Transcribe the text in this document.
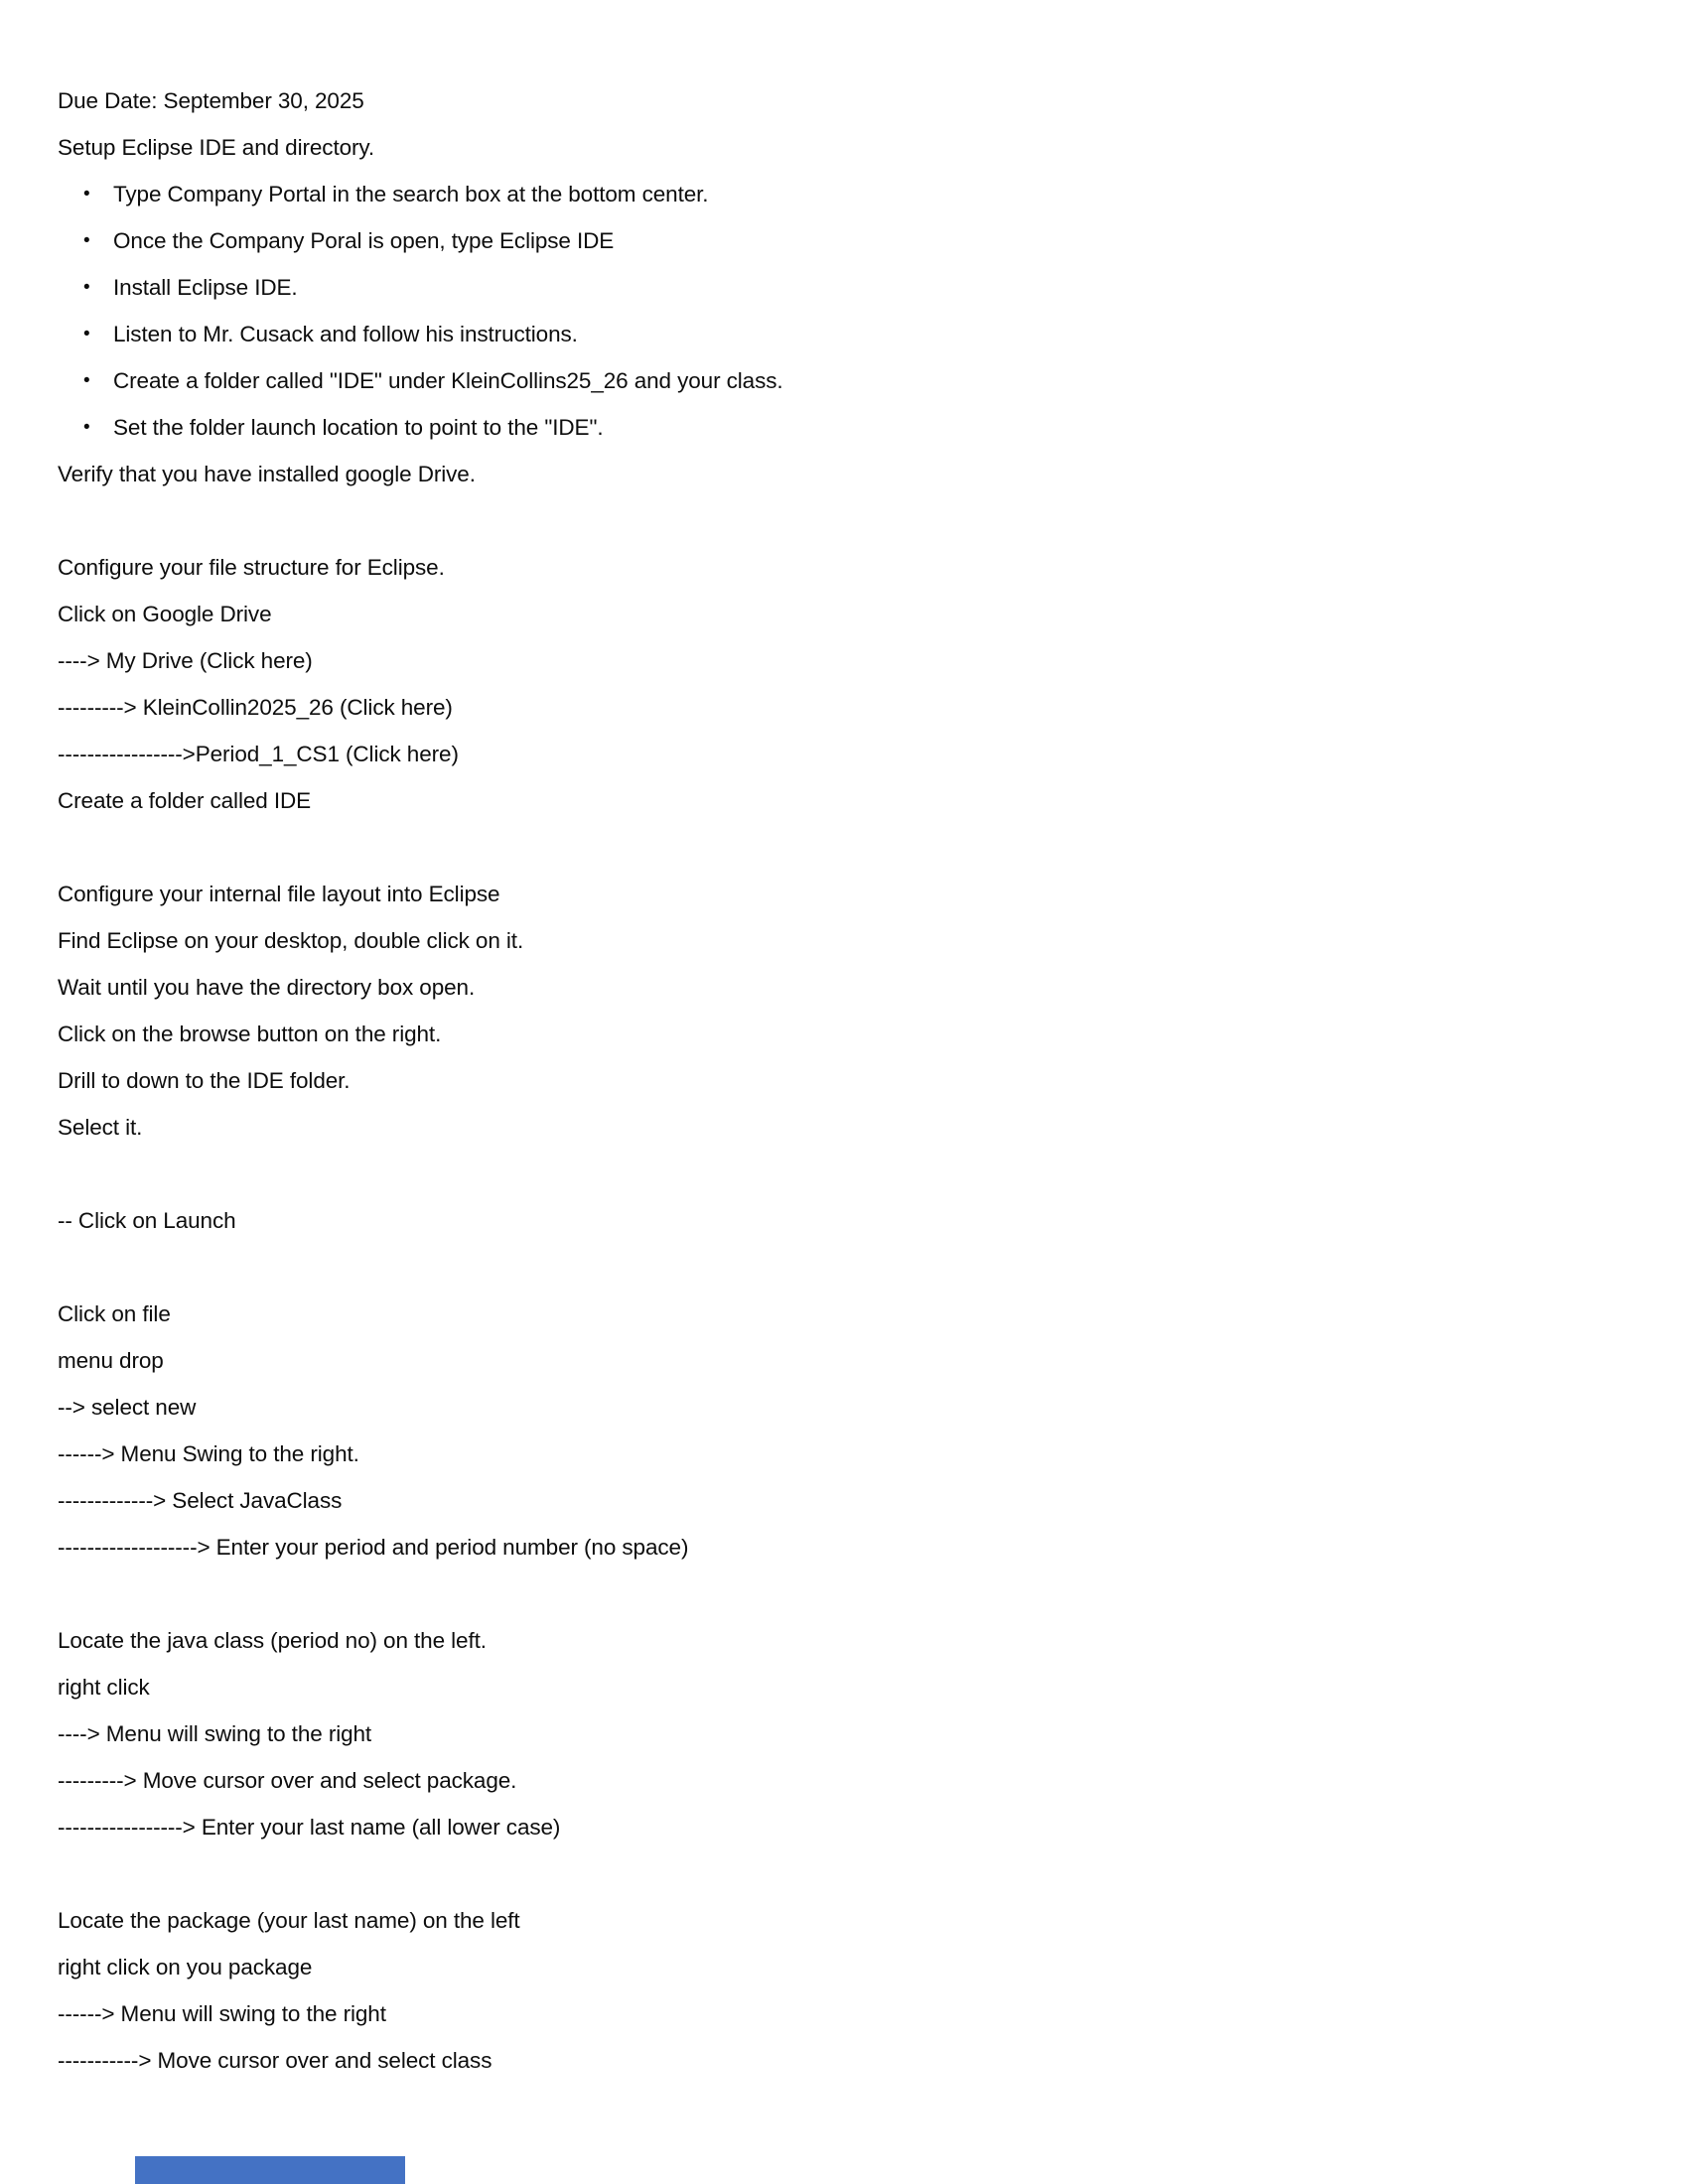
Due Date: September 30, 2025
Setup Eclipse IDE and directory.
• Type Company Portal in the search box at the bottom center.
• Once the Company Poral is open, type Eclipse IDE
• Install Eclipse IDE.
• Listen to Mr. Cusack and follow his instructions.
• Create a folder called "IDE" under KleinCollins25_26 and your class.
• Set the folder launch location to point to the "IDE".
Verify that you have installed google Drive.
Configure your file structure for Eclipse.
Click on Google Drive
----> My Drive (Click here)
---------> KleinCollin2025_26 (Click here)
----------------->Period_1_CS1 (Click here)
Create a folder called IDE
Configure your internal file layout into Eclipse
Find Eclipse on your desktop, double click on it.
Wait until you have the directory box open.
Click on the browse button on the right.
Drill to down to the IDE folder.
Select it.
-- Click on Launch
Click on file
menu drop
--> select new
------> Menu Swing to the right.
-------------> Select JavaClass
-------------------> Enter your period and period number (no space)
Locate the java class (period no) on the left.
right click
----> Menu will swing to the right
---------> Move cursor over and select package.
-----------------> Enter your last name (all lower case)
Locate the package (your last name) on the left
right click on you package
------> Menu will swing to the right
-----------> Move cursor over and select class
